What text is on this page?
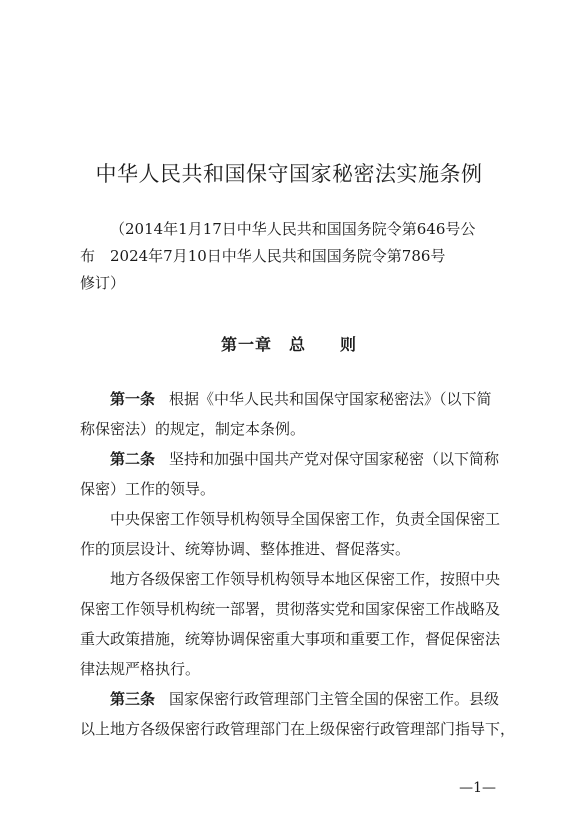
中华人民共和国保守国家秘密法实施条例
（2014年1月17日中华人民共和国国务院令第646号公
布　2024年7月10日中华人民共和国国务院令第786号
修订）
第一章　总　　则
第一条 根据《中华人民共和国保守国家秘密法》（以下简
称保密法）的规定，制定本条例。
第二条 坚持和加强中国共产党对保守国家秘密（以下简称
保密）工作的领导。
中央保密工作领导机构领导全国保密工作，负责全国保密工
作的顶层设计、统筹协调、整体推进、督促落实。
地方各级保密工作领导机构领导本地区保密工作，按照中央
保密工作领导机构统一部署，贯彻落实党和国家保密工作战略及
重大政策措施，统筹协调保密重大事项和重要工作，督促保密法
律法规严格执行。
第三条 国家保密行政管理部门主管全国的保密工作。县级
以上地方各级保密行政管理部门在上级保密行政管理部门指导下，
—1—
